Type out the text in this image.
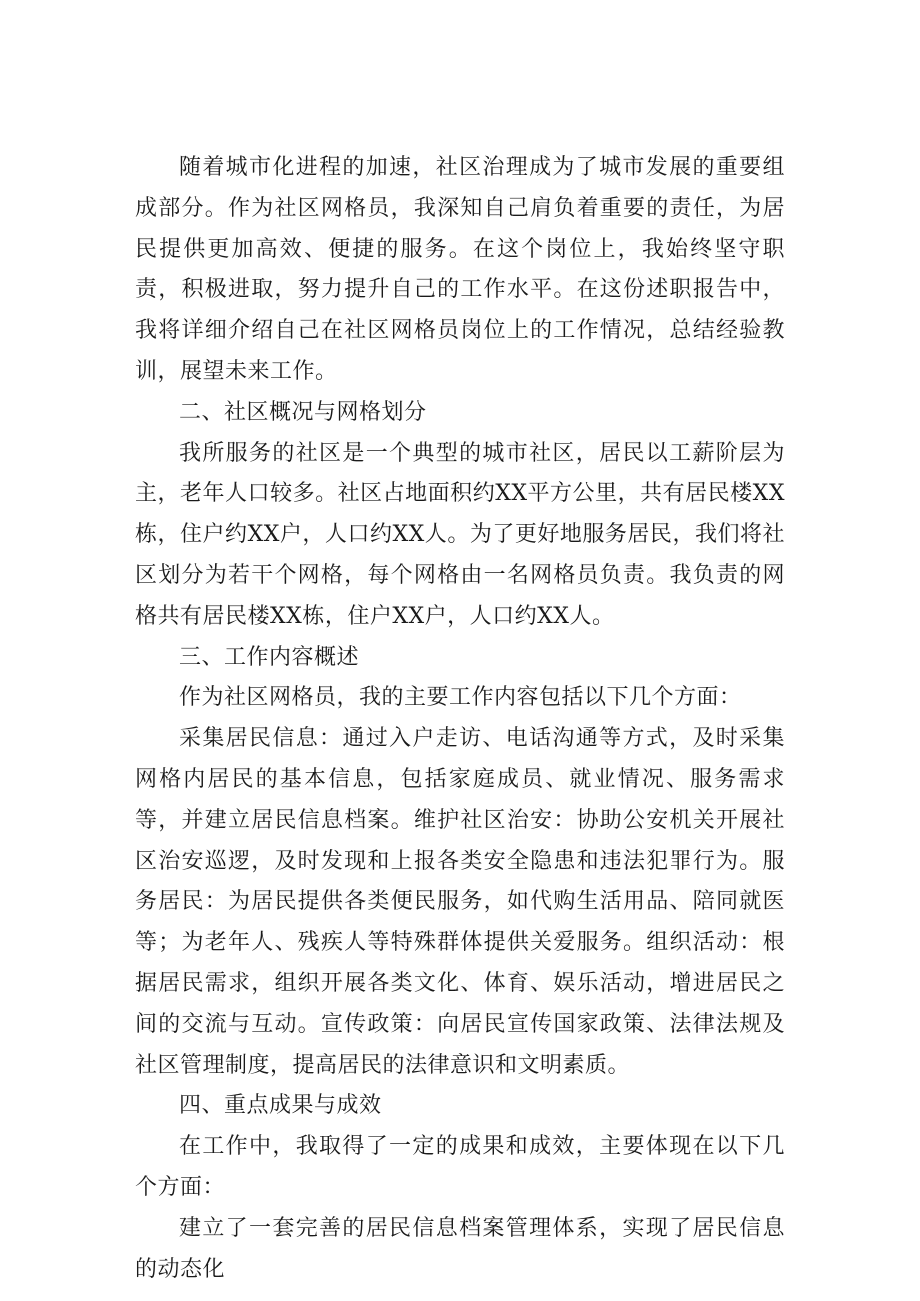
随着城市化进程的加速，社区治理成为了城市发展的重要组成部分。作为社区网格员，我深知自己肩负着重要的责任，为居民提供更加高效、便捷的服务。在这个岗位上，我始终坚守职责，积极进取，努力提升自己的工作水平。在这份述职报告中，我将详细介绍自己在社区网格员岗位上的工作情况，总结经验教训，展望未来工作。

二、社区概况与网格划分

我所服务的社区是一个典型的城市社区，居民以工薪阶层为主，老年人口较多。社区占地面积约XX平方公里，共有居民楼XX栋，住户约XX户，人口约XX人。为了更好地服务居民，我们将社区划分为若干个网格，每个网格由一名网格员负责。我负责的网格共有居民楼XX栋，住户XX户，人口约XX人。

三、工作内容概述

作为社区网格员，我的主要工作内容包括以下几个方面：

采集居民信息：通过入户走访、电话沟通等方式，及时采集网格内居民的基本信息，包括家庭成员、就业情况、服务需求等，并建立居民信息档案。维护社区治安：协助公安机关开展社区治安巡逻，及时发现和上报各类安全隐患和违法犯罪行为。服务居民：为居民提供各类便民服务，如代购生活用品、陪同就医等；为老年人、残疾人等特殊群体提供关爱服务。组织活动：根据居民需求，组织开展各类文化、体育、娱乐活动，增进居民之间的交流与互动。宣传政策：向居民宣传国家政策、法律法规及社区管理制度，提高居民的法律意识和文明素质。

四、重点成果与成效

在工作中，我取得了一定的成果和成效，主要体现在以下几个方面：

建立了一套完善的居民信息档案管理体系，实现了居民信息的动态化
